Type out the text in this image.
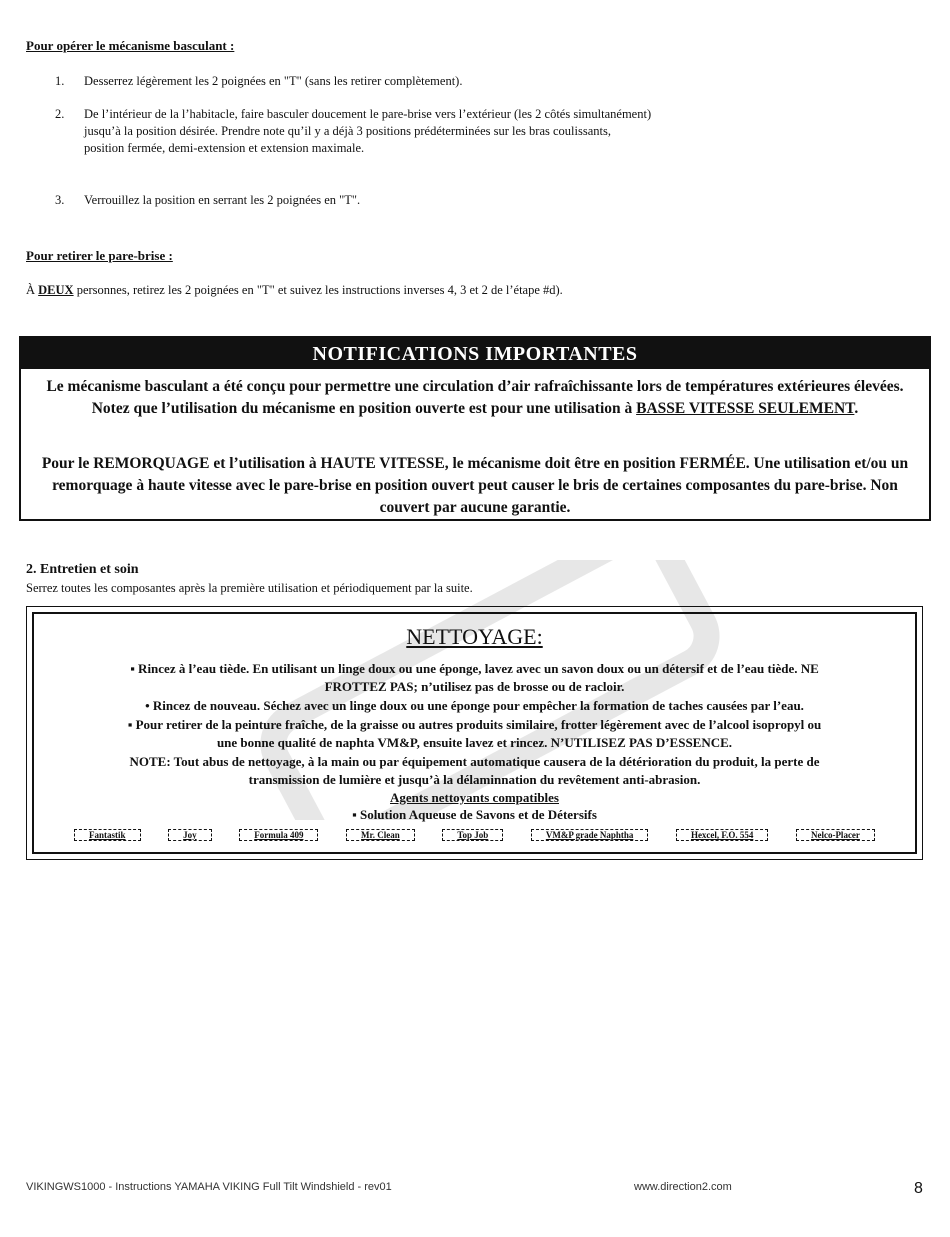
Pour opérer le mécanisme basculant :
1.	Desserrez légèrement les 2 poignées en "T" (sans les retirer complètement).
2.	De l’intérieur de la l’habitacle, faire basculer doucement le pare-brise vers l’extérieur (les 2 côtés simultanément) jusqu’à la position désirée. Prendre note qu’il y a déjà 3 positions prédéterminées sur les bras coulissants, position fermée, demi-extension et extension maximale.
3.	Verrouillez la position en serrant les 2 poignées en "T".
Pour retirer le pare-brise :
À DEUX personnes, retirez les 2 poignées en "T" et suivez les instructions inverses 4, 3 et 2 de l’étape #d).
NOTIFICATIONS IMPORTANTES
Le mécanisme basculant a été conçu pour permettre une circulation d’air rafraîchissante lors de températures extérieures élevées. Notez que l’utilisation du mécanisme en position ouverte est pour une utilisation à BASSE VITESSE SEULEMENT.
Pour le REMORQUAGE et l’utilisation à HAUTE VITESSE, le mécanisme doit être en position FERMÉE. Une utilisation et/ou un remorquage à haute vitesse avec le pare-brise en position ouvert peut causer le bris de certaines composantes du pare-brise. Non couvert par aucune garantie.
2. Entretien et soin
Serrez toutes les composantes après la première utilisation et périodiquement par la suite.
NETTOYAGE:
▪ Rincez à l’eau tiède. En utilisant un linge doux ou une éponge, lavez avec un savon doux ou un détersif et de l’eau tiède. NE
FROTTEZ PAS; n’utilisez pas de brosse ou de racloir.
• Rincez de nouveau. Séchez avec un linge doux ou une éponge pour empêcher la formation de taches causées par l’eau.
▪ Pour retirer de la peinture fraîche, de la graisse ou autres produits similaire, frotter légèrement avec de l’alcool isopropyl ou
une bonne qualité de naphta VM&P, ensuite lavez et rincez. N’UTILISEZ PAS D’ESSENCE.
NOTE: Tout abus de nettoyage, à la main ou par équipement automatique causera de la détérioration du produit, la perte de
transmission de lumière et jusqu’à la délaminnation du revêtement anti-abrasion.
Agents nettoyants compatibles
▪ Solution Aqueuse de Savons et de Détersifs
Fantastik	Joy	Formula 409	Mr. Clean	Top Job	VM&P grade Naphtha	Hexcel, F.O. 554	Nelco-Placer
VIKINGWS1000 - Instructions YAMAHA VIKING Full Tilt Windshield - rev01	www.direction2.com	8
